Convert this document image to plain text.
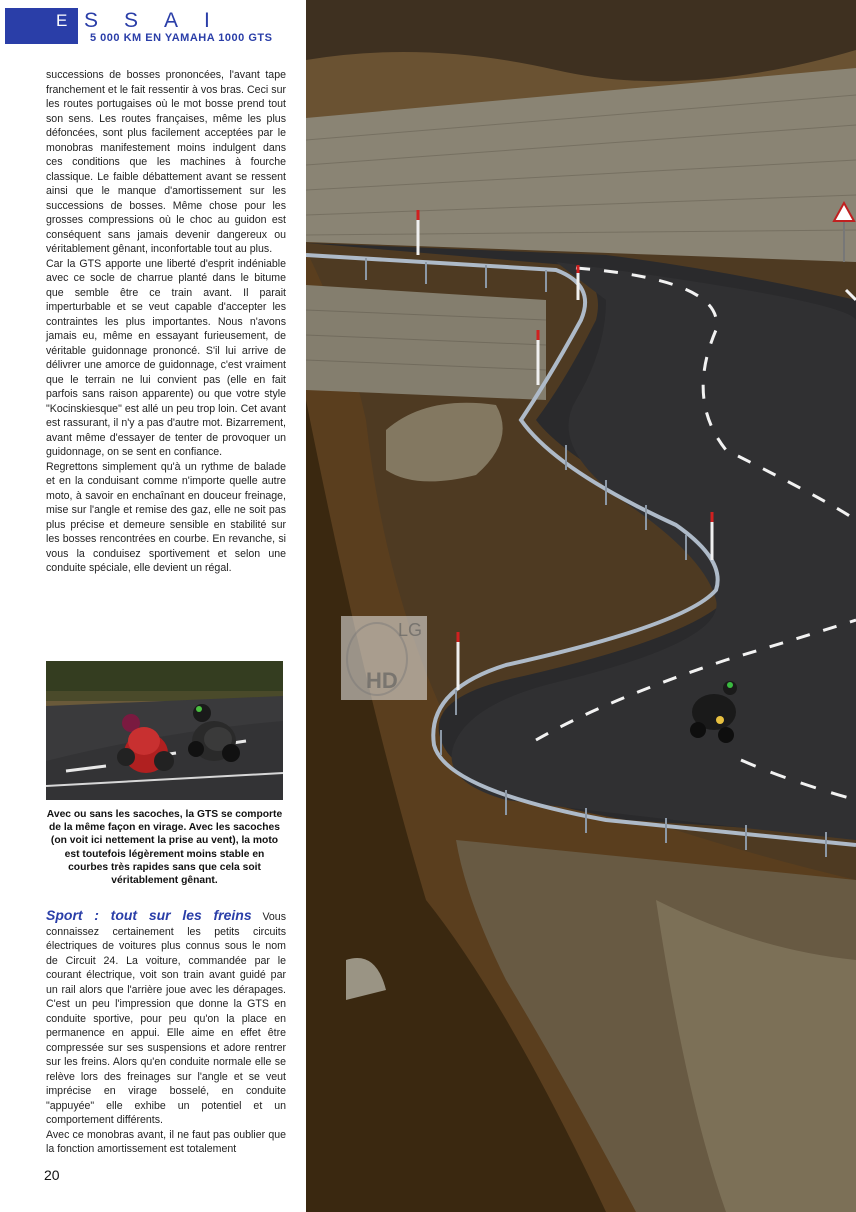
E SSAI
5 000 KM EN YAMAHA 1000 GTS

successions de bosses prononcées, l'avant tape franchement et le fait ressentir à vos bras. Ceci sur les routes portugaises où le mot bosse prend tout son sens. Les routes françaises, même les plus défoncées, sont plus facilement acceptées par le monobras manifestement moins indulgent dans ces conditions que les machines à fourche classique. Le faible débattement avant se ressent ainsi que le manque d'amortissement sur les successions de bosses. Même chose pour les grosses compressions où le choc au guidon est conséquent sans jamais devenir dangereux ou véritablement gênant, inconfortable tout au plus.

Car la GTS apporte une liberté d'esprit indéniable avec ce socle de charrue planté dans le bitume que semble être ce train avant. Il parait imperturbable et se veut capable d'accepter les contraintes les plus importantes. Nous n'avons jamais eu, même en essayant furieusement, de véritable guidonnage prononcé. S'il lui arrive de délivrer une amorce de guidonnage, c'est vraiment que le terrain ne lui convient pas (elle en fait parfois sans raison apparente) ou que votre style "Kocinskiesque" est allé un peu trop loin. Cet avant est rassurant, il n'y a pas d'autre mot. Bizarrement, avant même d'essayer de tenter de provoquer un guidonnage, on se sent en confiance.

Regrettons simplement qu'à un rythme de balade et en la conduisant comme n'importe quelle autre moto, à savoir en enchaînant en douceur freinage, mise sur l'angle et remise des gaz, elle ne soit pas plus précise et demeure sensible en stabilité sur les bosses rencontrées en courbe. En revanche, si vous la conduisez sportivement et selon une conduite spéciale, elle devient un régal.

Avec ou sans les sacoches, la GTS se comporte de la même façon en virage. Avec les sacoches (on voit ici nettement la prise au vent), la moto est toutefois légèrement moins stable en courbes très rapides sans que cela soit véritablement gênant.

Sport : tout sur les freins Vous connaissez certainement les petits circuits électriques de voitures plus connus sous le nom de Circuit 24. La voiture, commandée par le courant électrique, voit son train avant guidé par un rail alors que l'arrière joue avec les dérapages. C'est un peu l'impression que donne la GTS en conduite sportive, pour peu qu'on la place en permanence en appui. Elle aime en effet être compressée sur ses suspensions et adore rentrer sur les freins. Alors qu'en conduite normale elle se relève lors des freinages sur l'angle et se veut imprécise en virage bosselé, en conduite "appuyée" elle exhibe un potentiel et un comportement différents.

Avec ce monobras avant, il ne faut pas oublier que la fonction amortissement est totalement

20
LG
HD
